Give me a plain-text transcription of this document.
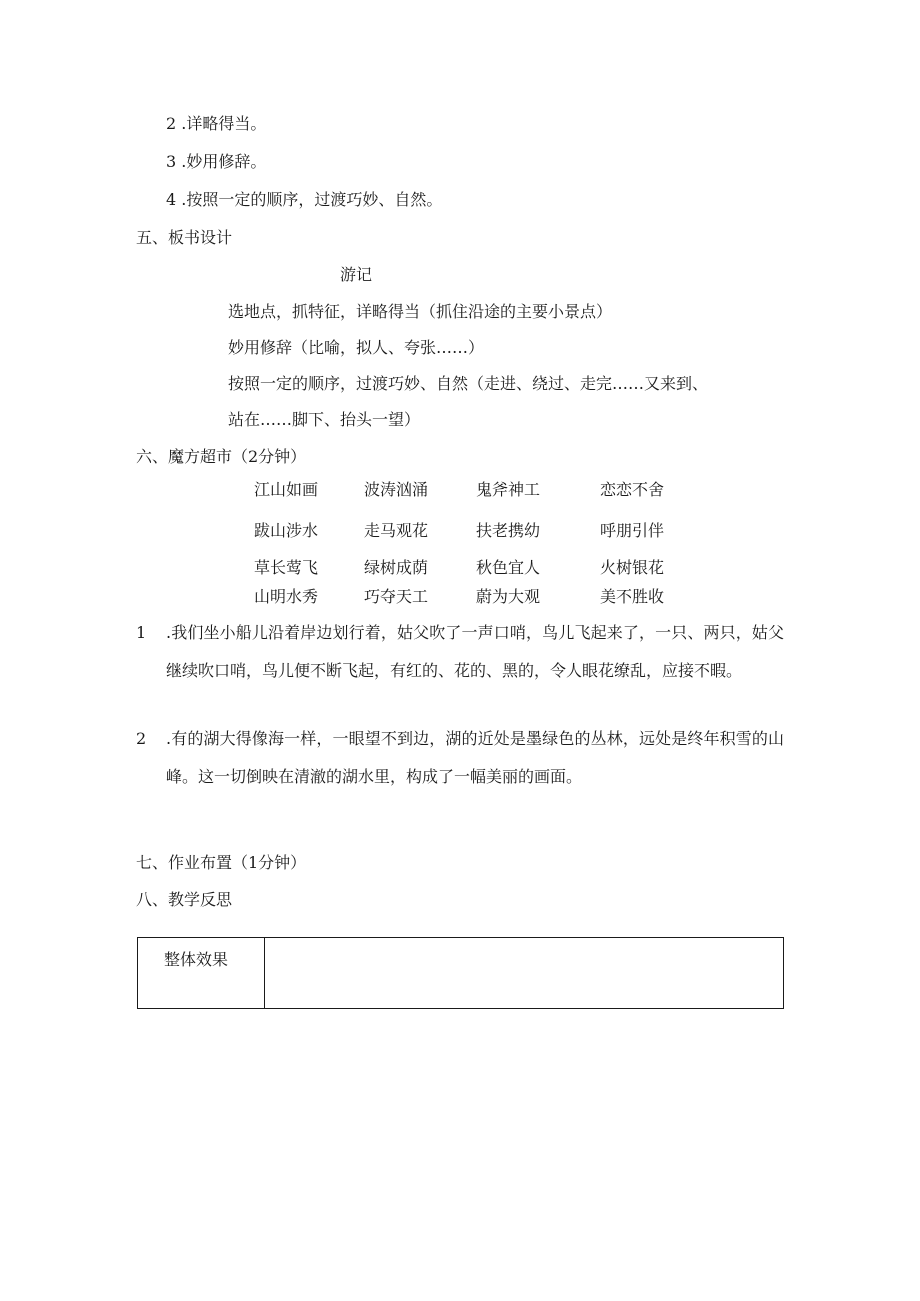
2 .详略得当。
3 .妙用修辞。
4 .按照一定的顺序，过渡巧妙、自然。
五、板书设计
游记
选地点，抓特征，详略得当（抓住沿途的主要小景点）
妙用修辞（比喻，拟人、夸张……）
按照一定的顺序，过渡巧妙、自然（走进、绕过、走完……又来到、
站在……脚下、抬头一望）
六、魔方超市（2分钟）
江山如画	波涛汹涌	鬼斧神工	恋恋不舍
跋山涉水	走马观花	扶老携幼	呼朋引伴
草长莺飞	绿树成荫	秋色宜人	火树银花
山明水秀	巧夺天工	蔚为大观	美不胜收
1 .我们坐小船儿沿着岸边划行着，姑父吹了一声口哨，鸟儿飞起来了，一只、两只，姑父继续吹口哨，鸟儿便不断飞起，有红的、花的、黑的，令人眼花缭乱，应接不暇。
2 .有的湖大得像海一样，一眼望不到边，湖的近处是墨绿色的丛林，远处是终年积雪的山峰。这一切倒映在清澈的湖水里，构成了一幅美丽的画面。
七、作业布置（1分钟）
八、教学反思
整体效果	
